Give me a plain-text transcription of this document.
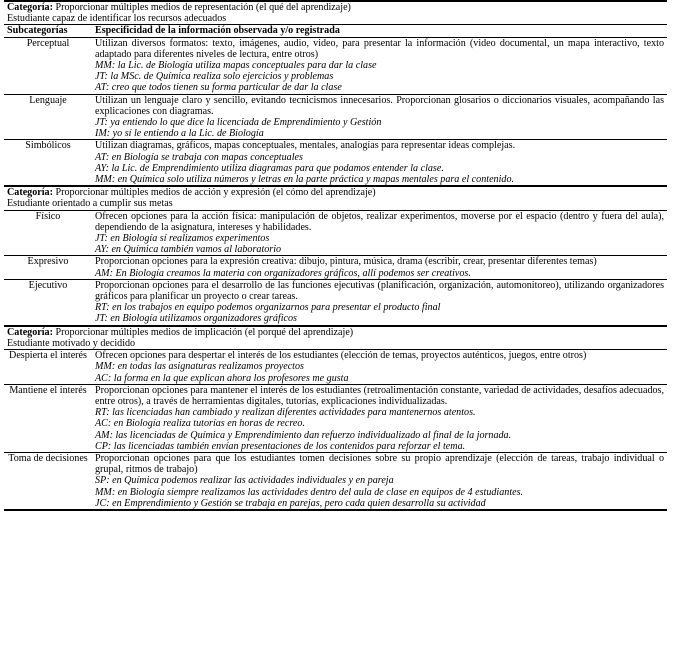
Categoría: Proporcionar múltiples medios de representación (el qué del aprendizaje)	
Estudiante capaz de identificar los recursos adecuados	
Subcategorías	Especificidad de la información observada y/o registrada
Perceptual	Utilizan diversos formatos: texto, imágenes, audio, video, para presentar la información (video documental, un mapa interactivo, texto adaptado para diferentes niveles de lectura, entre otros)
MM: la Lic. de Biología utiliza mapas conceptuales para dar la clase
JT: la MSc. de Química realiza solo ejercicios y problemas
AT: creo que todos tienen su forma particular de dar la clase

Lenguaje	Utilizan un lenguaje claro y sencillo, evitando tecnicismos innecesarios. Proporcionan glosarios o diccionarios visuales, acompañando las explicaciones con diagramas.
JT: ya entiendo lo que dice la licenciada de Emprendimiento y Gestión
IM: yo sí le entiendo a la Lic. de Biología

Simbólicos	Utilizan diagramas, gráficos, mapas conceptuales, mentales, analogías para representar ideas complejas.
AT: en Biología se trabaja con mapas conceptuales
AY: la Lic. de Emprendimiento utiliza diagramas para que podamos entender la clase.
MM: en Química solo utiliza números y letras en la parte práctica y mapas mentales para el contenido.

Categoría: Proporcionar múltiples medios de acción y expresión (el cómo del aprendizaje)	
Estudiante orientado a cumplir sus metas	
Físico	Ofrecen opciones para la acción física: manipulación de objetos, realizar experimentos, moverse por el espacio (dentro y fuera del aula), dependiendo de la asignatura, intereses y habilidades.
JT: en Biología sí realizamos experimentos
AY: en Química también vamos al laboratorio

Expresivo	Proporcionan opciones para la expresión creativa: dibujo, pintura, música, drama (escribir, crear, presentar diferentes temas)
AM: En Biología creamos la materia con organizadores gráficos, allí podemos ser creativos.

Ejecutivo	Proporcionan opciones para el desarrollo de las funciones ejecutivas (planificación, organización, automonitoreo), utilizando organizadores gráficos para planificar un proyecto o crear tareas.
RT: en los trabajos en equipo podemos organizarnos para presentar el producto final
JT: en Biología utilizamos organizadores gráficos

Categoría: Proporcionar múltiples medios de implicación (el porqué del aprendizaje)	
Estudiante motivado y decidido	
Despierta el interés	Ofrecen opciones para despertar el interés de los estudiantes (elección de temas, proyectos auténticos, juegos, entre otros)
MM: en todas las asignaturas realizamos proyectos
AC: la forma en la que explican ahora los profesores me gusta

Mantiene el interés	Proporcionan opciones para mantener el interés de los estudiantes (retroalimentación constante, variedad de actividades, desafíos adecuados, entre otros), a través de herramientas digitales, tutorías, explicaciones individualizadas.
RT: las licenciadas han cambiado y realizan diferentes actividades para mantenernos atentos.
AC: en Biología realiza tutorías en horas de recreo.
AM: las licenciadas de Química y Emprendimiento dan refuerzo individualizado al final de la jornada.
CP: las licenciadas también envían presentaciones de los contenidos para reforzar el tema.

Toma de decisiones	Proporcionan opciones para que los estudiantes tomen decisiones sobre su propio aprendizaje (elección de tareas, trabajo individual o grupal, ritmos de trabajo)
SP: en Química podemos realizar las actividades individuales y en pareja
MM: en Biología siempre realizamos las actividades dentro del aula de clase en equipos de 4 estudiantes.
JC: en Emprendimiento y Gestión se trabaja en parejas, pero cada quien desarrolla su actividad
